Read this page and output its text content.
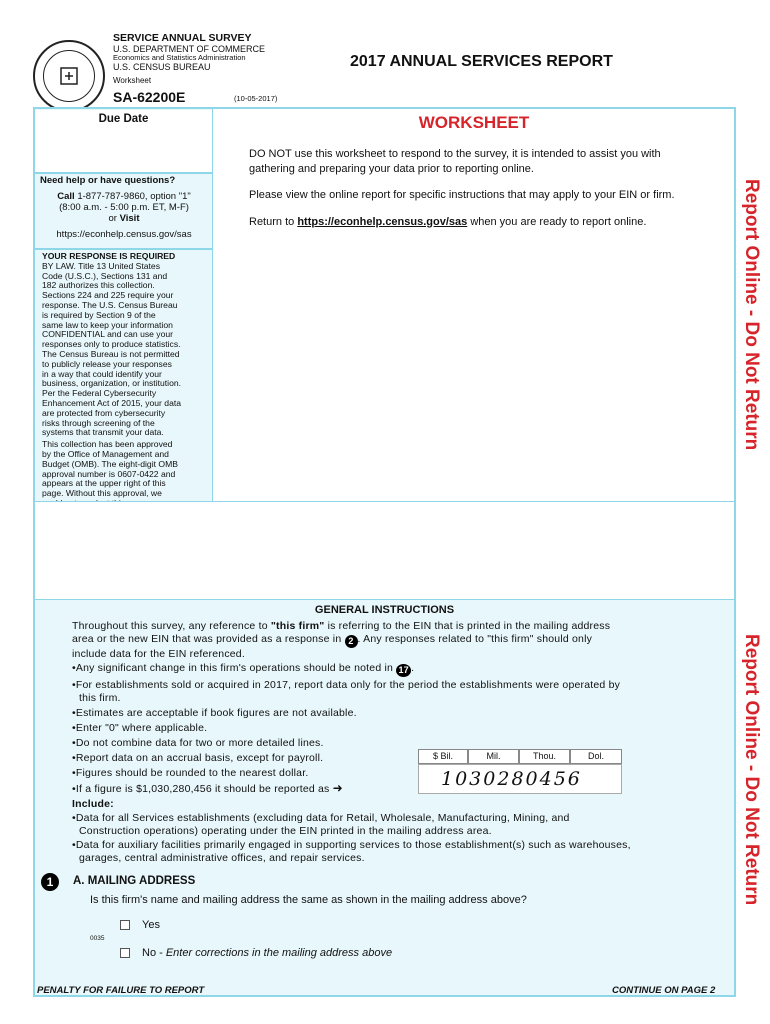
SERVICE ANNUAL SURVEY
U.S. DEPARTMENT OF COMMERCE
Economics and Statistics Administration
U.S. CENSUS BUREAU
Worksheet
SA-62200E	(10-05-2017)
2017 ANNUAL SERVICES REPORT
Due Date
Need help or have questions?
Call 1-877-787-9860, option "1"
(8:00 a.m. - 5:00 p.m. ET, M-F)
or Visit
https://econhelp.census.gov/sas
YOUR RESPONSE IS REQUIRED
BY LAW. Title 13 United States
Code (U.S.C.), Sections 131 and
182 authorizes this collection.
Sections 224 and 225 require your
response. The U.S. Census Bureau
is required by Section 9 of the
same law to keep your information
CONFIDENTIAL and can use your
responses only to produce statistics.
The Census Bureau is not permitted
to publicly release your responses
in a way that could identify your
business, organization, or institution.
Per the Federal Cybersecurity
Enhancement Act of 2015, your data
are protected from cybersecurity
risks through screening of the
systems that transmit your data.
This collection has been approved
by the Office of Management and
Budget (OMB). The eight-digit OMB
approval number is 0607-0422 and
appears at the upper right of this
page. Without this approval, we
WORKSHEET
DO NOT use this worksheet to respond to the survey, it is intended to assist you with gathering and preparing your data prior to reporting online.
Please view the online report for specific instructions that may apply to your EIN or firm.
Return to https://econhelp.census.gov/sas when you are ready to report online.	Report Online - Do Not Return
Report Online - Do Not Return
GENERAL INSTRUCTIONS
Throughout this survey, any reference to "this firm" is referring to the EIN that is printed in the mailing address
area or the new EIN that was provided as a response in 2 . Any responses related to "this firm" should only
include data for the EIN referenced.
•Any significant change in this firm's operations should be noted in 17 .
•For establishments sold or acquired in 2017, report data only for the period the establishments were operated by
this firm.
•Estimates are acceptable if book figures are not available.
•Enter "0" where applicable.
•Do not combine data for two or more detailed lines.
•Report data on an accrual basis, except for payroll.
•Figures should be rounded to the nearest dollar.
•If a figure is $1,030,280,456 it should be reported as ➜
Include:
•Data for all Services establishments (excluding data for Retail, Wholesale, Manufacturing, Mining, and
Construction operations) operating under the EIN printed in the mailing address area.
•Data for auxiliary facilities primarily engaged in supporting services to those establishment(s) such as warehouses,
garages, central administrative offices, and repair services.
$ Bil.	Mil.	Thou.	Dol.
1030280456
1	A. MAILING ADDRESS
Is this firm's name and mailing address the same as shown in the mailing address above?
Yes
0035
No - Enter corrections in the mailing address above
PENALTY FOR FAILURE TO REPORT	CONTINUE ON PAGE 2
